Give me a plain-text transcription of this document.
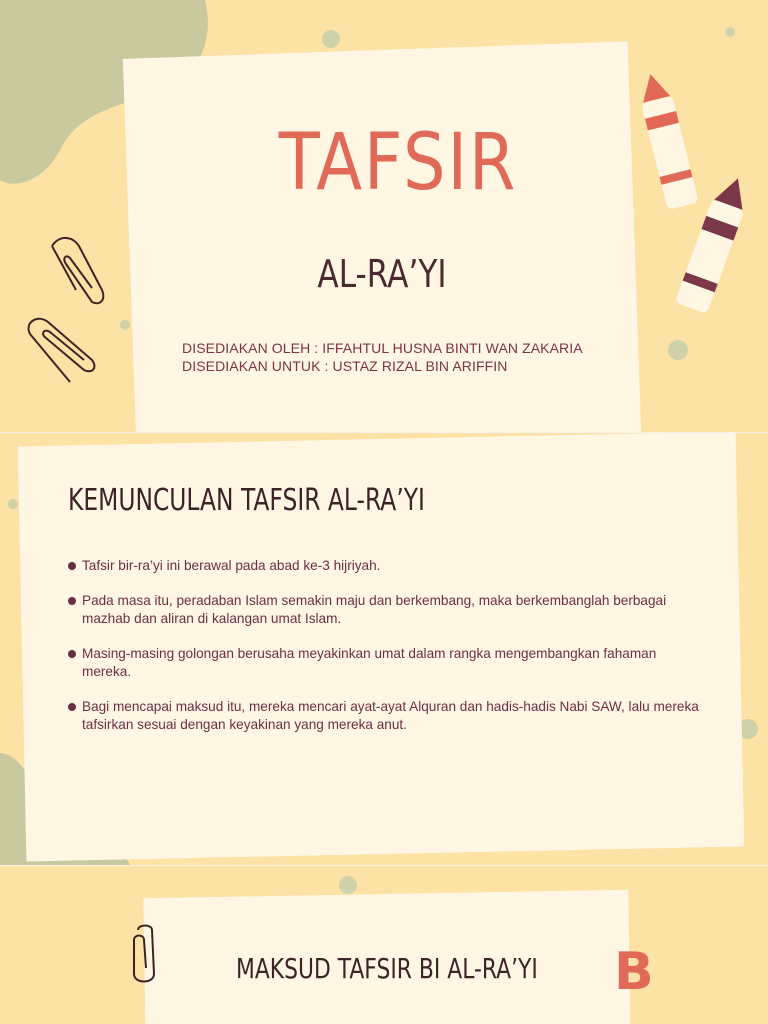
TAFSIR
AL-RA’YI
DISEDIAKAN OLEH : IFFAHTUL HUSNA BINTI WAN ZAKARIA
DISEDIAKAN UNTUK : USTAZ RIZAL BIN ARIFFIN
KEMUNCULAN TAFSIR AL-RA’YI
Tafsir bir-ra’yi ini berawal pada abad ke-3 hijriyah.
Pada masa itu, peradaban Islam semakin maju dan berkembang, maka berkembanglah berbagai mazhab dan aliran di kalangan umat Islam.
Masing-masing golongan berusaha meyakinkan umat dalam rangka mengembangkan fahaman mereka.
Bagi mencapai maksud itu, mereka mencari ayat-ayat Alquran dan hadis-hadis Nabi SAW, lalu mereka tafsirkan sesuai dengan keyakinan yang mereka anut.
MAKSUD TAFSIR BI AL-RA’YI B
